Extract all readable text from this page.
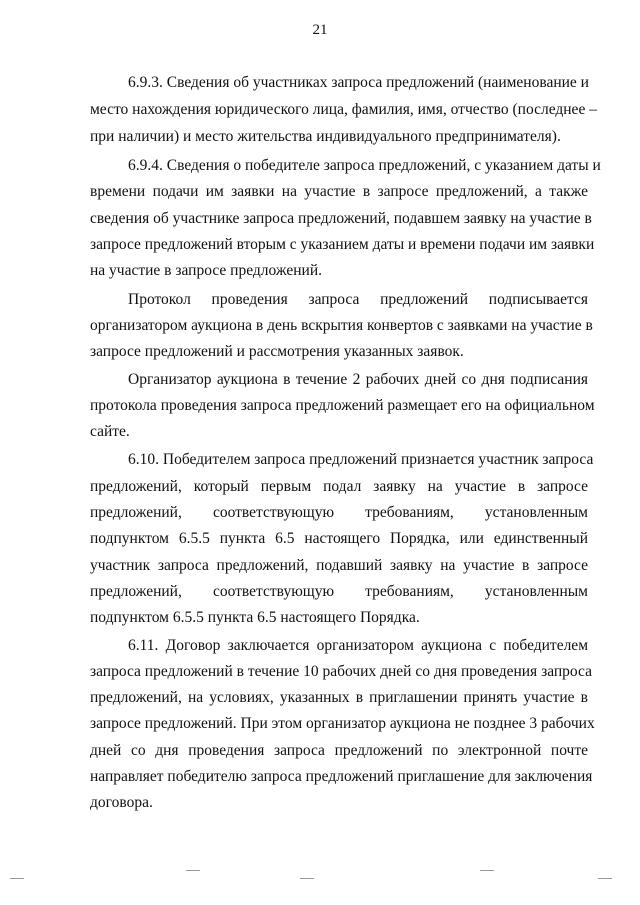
21
6.9.3. Сведения об участниках запроса предложений (наименование и
место нахождения юридического лица, фамилия, имя, отчество (последнее –
при наличии) и место жительства индивидуального предпринимателя).
6.9.4. Сведения о победителе запроса предложений, с указанием даты и
времени подачи им заявки на участие в запросе предложений, а также
сведения об участнике запроса предложений, подавшем заявку на участие в
запросе предложений вторым с указанием даты и времени подачи им заявки
на участие в запросе предложений.
Протокол проведения запроса предложений подписывается
организатором аукциона в день вскрытия конвертов с заявками на участие в
запросе предложений и рассмотрения указанных заявок.
Организатор аукциона в течение 2 рабочих дней со дня подписания
протокола проведения запроса предложений размещает его на официальном
сайте.
6.10. Победителем запроса предложений признается участник запроса
предложений, который первым подал заявку на участие в запросе
предложений, соответствующую требованиям, установленным
подпунктом 6.5.5 пункта 6.5 настоящего Порядка, или единственный
участник запроса предложений, подавший заявку на участие в запросе
предложений, соответствующую требованиям, установленным
подпунктом 6.5.5 пункта 6.5 настоящего Порядка.
6.11. Договор заключается организатором аукциона с победителем
запроса предложений в течение 10 рабочих дней со дня проведения запроса
предложений, на условиях, указанных в приглашении принять участие в
запросе предложений. При этом организатор аукциона не позднее 3 рабочих
дней со дня проведения запроса предложений по электронной почте
направляет победителю запроса предложений приглашение для заключения
договора.
